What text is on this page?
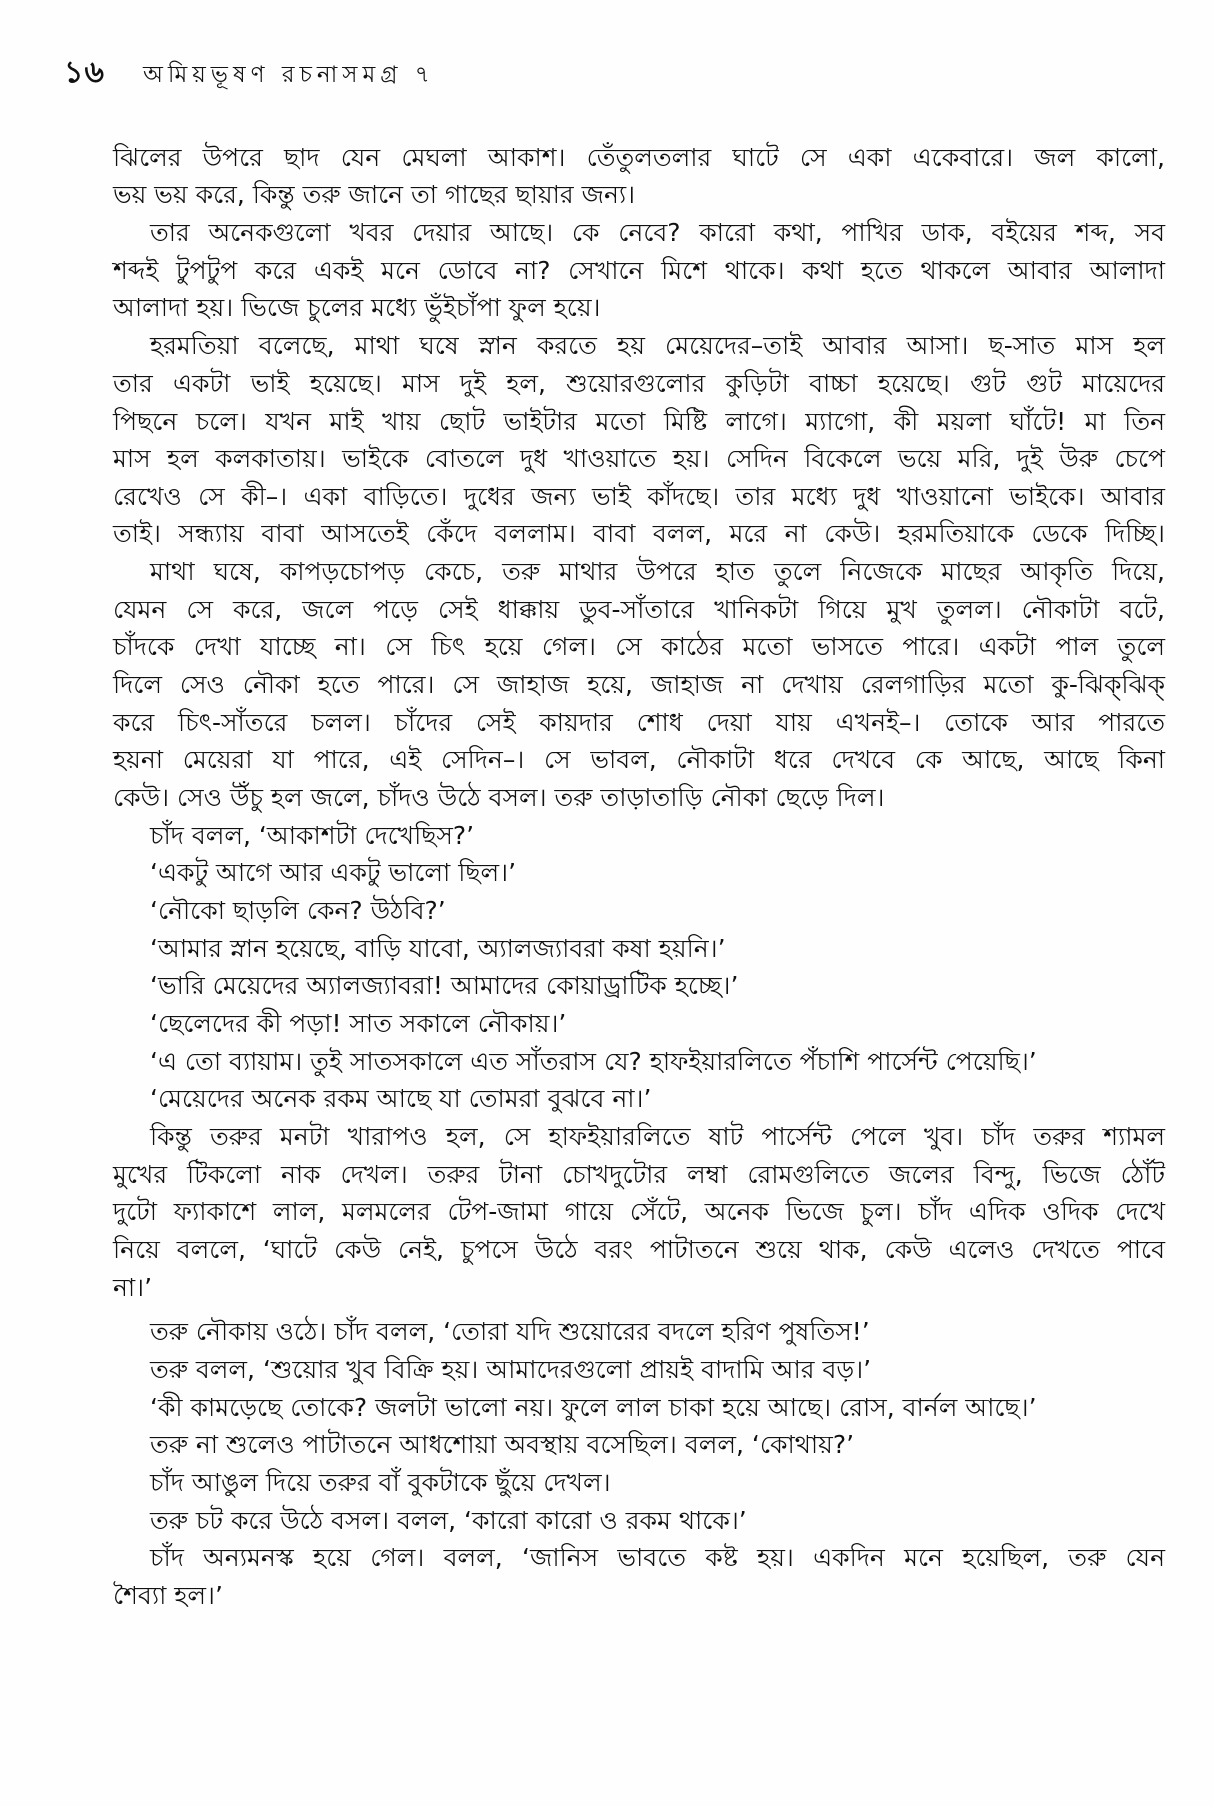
১৬ অমিয়ভূষণ রচনাসমগ্র ৭
ঝিলের উপরে ছাদ যেন মেঘলা আকাশ। তেঁতুলতলার ঘাটে সে একা একেবারে। জল কালো,
ভয় ভয় করে, কিন্তু তরু জানে তা গাছের ছায়ার জন্য।
তার অনেকগুলো খবর দেয়ার আছে। কে নেবে? কারো কথা, পাখির ডাক, বইয়ের শব্দ, সব
শব্দই টুপটুপ করে একই মনে ডোবে না? সেখানে মিশে থাকে। কথা হতে থাকলে আবার আলাদা
আলাদা হয়। ভিজে চুলের মধ্যে ভুঁইচাঁপা ফুল হয়ে।
হরমতিয়া বলেছে, মাথা ঘষে স্নান করতে হয় মেয়েদের–তাই আবার আসা। ছ-সাত মাস হল
তার একটা ভাই হয়েছে। মাস দুই হল, শুয়োরগুলোর কুড়িটা বাচ্চা হয়েছে। গুট গুট মায়েদের
পিছনে চলে। যখন মাই খায় ছোট ভাইটার মতো মিষ্টি লাগে। ম্যাগো, কী ময়লা ঘাঁটে! মা তিন
মাস হল কলকাতায়। ভাইকে বোতলে দুধ খাওয়াতে হয়। সেদিন বিকেলে ভয়ে মরি, দুই উরু চেপে
রেখেও সে কী–। একা বাড়িতে। দুধের জন্য ভাই কাঁদছে। তার মধ্যে দুধ খাওয়ানো ভাইকে। আবার
তাই। সন্ধ্যায় বাবা আসতেই কেঁদে বললাম। বাবা বলল, মরে না কেউ। হরমতিয়াকে ডেকে দিচ্ছি।
মাথা ঘষে, কাপড়চোপড় কেচে, তরু মাথার উপরে হাত তুলে নিজেকে মাছের আকৃতি দিয়ে,
যেমন সে করে, জলে পড়ে সেই ধাক্কায় ডুব-সাঁতারে খানিকটা গিয়ে মুখ তুলল। নৌকাটা বটে,
চাঁদকে দেখা যাচ্ছে না। সে চিৎ হয়ে গেল। সে কাঠের মতো ভাসতে পারে। একটা পাল তুলে
দিলে সেও নৌকা হতে পারে। সে জাহাজ হয়ে, জাহাজ না দেখায় রেলগাড়ির মতো কু-ঝিক্‌ঝিক্‌
করে চিৎ-সাঁতরে চলল। চাঁদের সেই কায়দার শোধ দেয়া যায় এখনই–। তোকে আর পারতে
হয়না মেয়েরা যা পারে, এই সেদিন–। সে ভাবল, নৌকাটা ধরে দেখবে কে আছে, আছে কিনা
কেউ। সেও উঁচু হল জলে, চাঁদও উঠে বসল। তরু তাড়াতাড়ি নৌকা ছেড়ে দিল।
চাঁদ বলল, ‘আকাশটা দেখেছিস?’
‘একটু আগে আর একটু ভালো ছিল।’
‘নৌকো ছাড়লি কেন? উঠবি?’
‘আমার স্নান হয়েছে, বাড়ি যাবো, অ্যালজ্যাবরা কষা হয়নি।’
‘ভারি মেয়েদের অ্যালজ্যাবরা! আমাদের কোয়াড্রাটিক হচ্ছে।’
‘ছেলেদের কী পড়া! সাত সকালে নৌকায়।’
‘এ তো ব্যায়াম। তুই সাতসকালে এত সাঁতরাস যে? হাফইয়ারলিতে পঁচাশি পার্সেন্ট পেয়েছি।’
‘মেয়েদের অনেক রকম আছে যা তোমরা বুঝবে না।’
কিন্তু তরুর মনটা খারাপও হল, সে হাফইয়ারলিতে ষাট পার্সেন্ট পেলে খুব। চাঁদ তরুর শ্যামল
মুখের টিকলো নাক দেখল। তরুর টানা চোখদুটোর লম্বা রোমগুলিতে জলের বিন্দু, ভিজে ঠোঁট
দুটো ফ্যাকাশে লাল, মলমলের টেপ-জামা গায়ে সেঁটে, অনেক ভিজে চুল। চাঁদ এদিক ওদিক দেখে
নিয়ে বললে, ‘ঘাটে কেউ নেই, চুপসে উঠে বরং পাটাতনে শুয়ে থাক, কেউ এলেও দেখতে পাবে
না।’
তরু নৌকায় ওঠে। চাঁদ বলল, ‘তোরা যদি শুয়োরের বদলে হরিণ পুষতিস!’
তরু বলল, ‘শুয়োর খুব বিক্রি হয়। আমাদেরগুলো প্রায়ই বাদামি আর বড়।’
‘কী কামড়েছে তোকে? জলটা ভালো নয়। ফুলে লাল চাকা হয়ে আছে। রোস, বার্নল আছে।’
তরু না শুলেও পাটাতনে আধশোয়া অবস্থায় বসেছিল। বলল, ‘কোথায়?’
চাঁদ আঙুল দিয়ে তরুর বাঁ বুকটাকে ছুঁয়ে দেখল।
তরু চট করে উঠে বসল। বলল, ‘কারো কারো ও রকম থাকে।’
চাঁদ অন্যমনস্ক হয়ে গেল। বলল, ‘জানিস ভাবতে কষ্ট হয়। একদিন মনে হয়েছিল, তরু যেন
শৈব্যা হল।’
